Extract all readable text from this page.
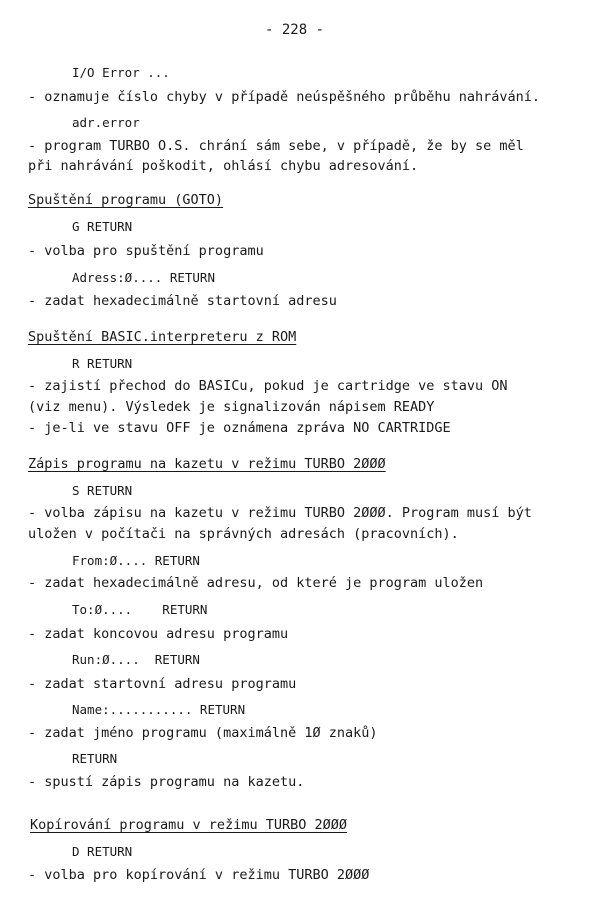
- 228 -
I/O Error ...
- oznamuje číslo chyby v případě neúspěšného průběhu nahrávání.
adr.error
- program TURBO O.S. chrání sám sebe, v případě, že by se měl
při nahrávání poškodit, ohlásí chybu adresování.
Spuštění programu (GOTO)
G RETURN
- volba pro spuštění programu
Adress:Ø.... RETURN
- zadat hexadecimálně startovní adresu
Spuštění BASIC.interpreteru z ROM
R RETURN
- zajistí přechod do BASICu, pokud je cartridge ve stavu ON
(viz menu). Výsledek je signalizován nápisem READY
- je-li ve stavu OFF je oznámena zpráva NO CARTRIDGE
Zápis programu na kazetu v režimu TURBO 2ØØØ
S RETURN
- volba zápisu na kazetu v režimu TURBO 2ØØØ. Program musí být
uložen v počítači na správných adresách (pracovních).
From:Ø.... RETURN
- zadat hexadecimálně adresu, od které je program uložen
To:Ø....    RETURN
- zadat koncovou adresu programu
Run:Ø....  RETURN
- zadat startovní adresu programu
Name:........... RETURN
- zadat jméno programu (maximálně 1Ø znaků)
RETURN
- spustí zápis programu na kazetu.
Kopírování programu v režimu TURBO 2ØØØ
D RETURN
- volba pro kopírování v režimu TURBO 2ØØØ
